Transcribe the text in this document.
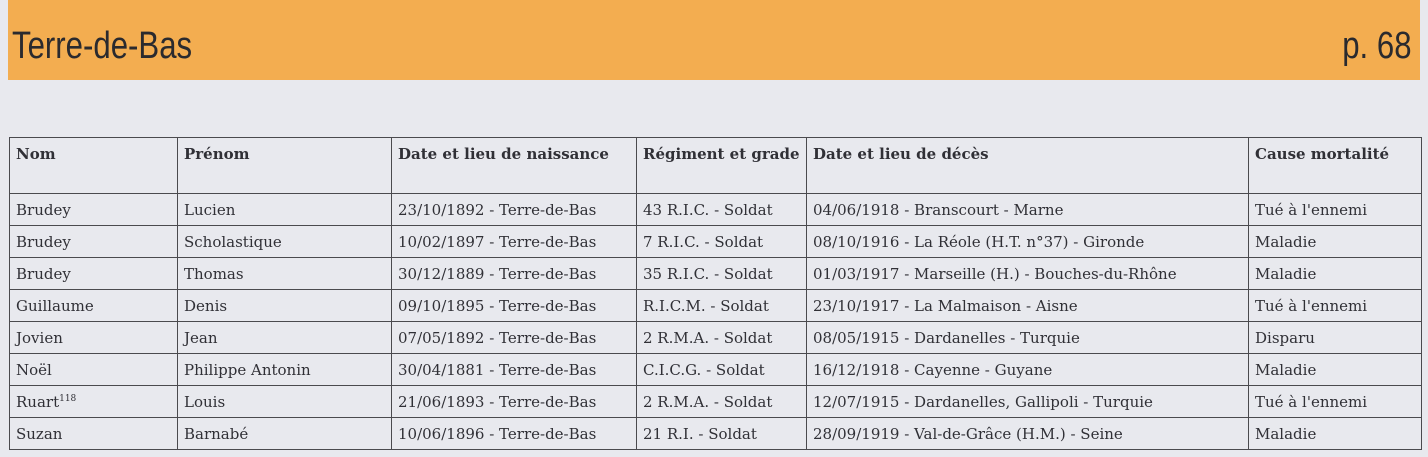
Terre-de-Bas	p. 68
Nom	Prénom	Date et lieu de naissance	Régiment et grade	Date et lieu de décès	Cause mortalité
Brudey	Lucien	23/10/1892 - Terre-de-Bas	43 R.I.C. - Soldat	04/06/1918 - Branscourt - Marne	Tué à l'ennemi
Brudey	Scholastique	10/02/1897 - Terre-de-Bas	7 R.I.C. - Soldat	08/10/1916 - La Réole (H.T. n°37) - Gironde	Maladie
Brudey	Thomas	30/12/1889 - Terre-de-Bas	35 R.I.C. - Soldat	01/03/1917 - Marseille (H.) - Bouches-du-Rhône	Maladie
Guillaume	Denis	09/10/1895 - Terre-de-Bas	R.I.C.M. - Soldat	23/10/1917 - La Malmaison - Aisne	Tué à l'ennemi
Jovien	Jean	07/05/1892 - Terre-de-Bas	2 R.M.A. - Soldat	08/05/1915 - Dardanelles - Turquie	Disparu
Noël	Philippe Antonin	30/04/1881 - Terre-de-Bas	C.I.C.G. - Soldat	16/12/1918 - Cayenne - Guyane	Maladie
Ruart$^{118}$	Louis	21/06/1893 - Terre-de-Bas	2 R.M.A. - Soldat	12/07/1915 - Dardanelles, Gallipoli - Turquie	Tué à l'ennemi
Suzan	Barnabé	10/06/1896 - Terre-de-Bas	21 R.I. - Soldat	28/09/1919 - Val-de-Grâce (H.M.) - Seine	Maladie
